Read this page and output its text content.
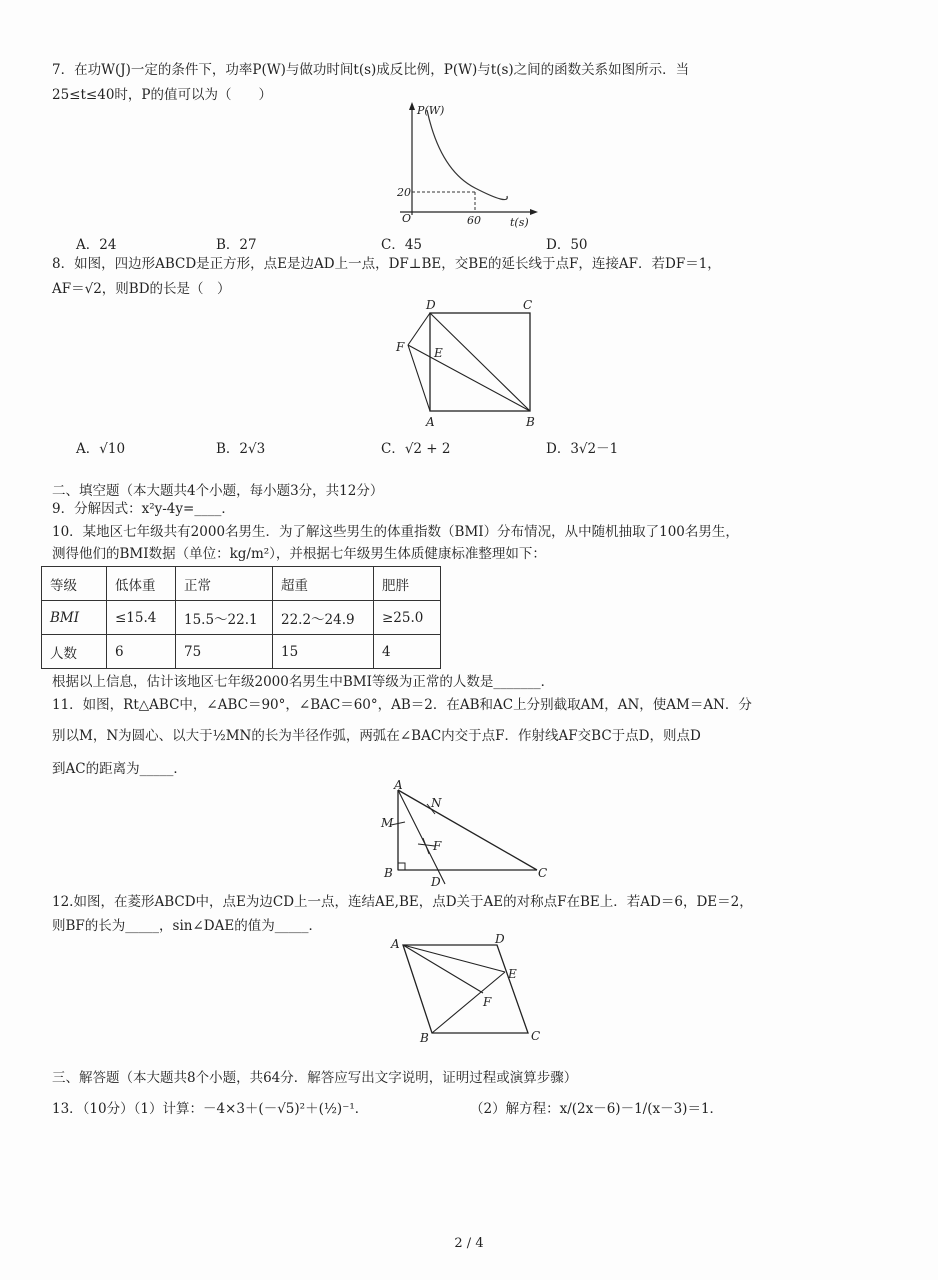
7．在功W(J)一定的条件下，功率P(W)与做功时间t(s)成反比例，P(W)与t(s)之间的函数关系如图所示．当
25≤t≤40时，P的值可以为（　　）
P(W)
20
O	60	t(s)
A．24	B．27	C．45	D．50
8．如图，四边形ABCD是正方形，点E是边AD上一点，DF⊥BE，交BE的延长线于点F，连接AF．若DF＝1，
AF＝√2，则BD的长是（　）
D	C
F E
A	B
A．√10	B．2√3	C．√2 + 2	D．3√2－1
二、填空题（本大题共4个小题，每小题3分，共12分）
9．分解因式：x²y-4y=____．
10．某地区七年级共有2000名男生．为了解这些男生的体重指数（BMI）分布情况，从中随机抽取了100名男生，
测得他们的BMI数据（单位：kg/m²），并根据七年级男生体质健康标准整理如下：
等级	低体重	正常	超重	肥胖
BMI	≤15.4	15.5～22.1	22.2～24.9	≥25.0
人数	6	75	15	4
根据以上信息，估计该地区七年级2000名男生中BMI等级为正常的人数是_______．
11．如图，Rt△ABC中，∠ABC＝90°，∠BAC＝60°，AB＝2．在AB和AC上分别截取AM，AN，使AM＝AN．分
别以M，N为圆心、以大于½MN的长为半径作弧，两弧在∠BAC内交于点F．作射线AF交BC于点D，则点D
到AC的距离为_____．
A
N
M
F
B
D
C
12.如图，在菱形ABCD中，点E为边CD上一点，连结AE,BE，点D关于AE的对称点F在BE上．若AD＝6，DE＝2，
则BF的长为_____，sin∠DAE的值为_____．
A	D
E
F
B	C
三、解答题（本大题共8个小题，共64分．解答应写出文字说明，证明过程或演算步骤）
13．（10分）（1）计算：－4×3＋(－√5)²＋(½)⁻¹．	（2）解方程：x/(2x－6)－1/(x－3)＝1．
2 / 4
